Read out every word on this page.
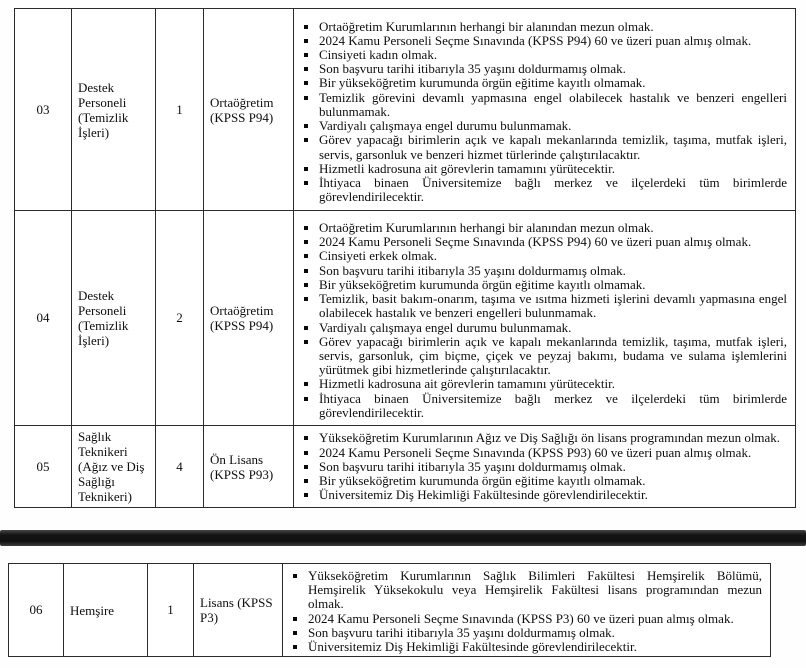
03	Destek Personeli (Temizlik İşleri)	1	Ortaöğretim (KPSS P94)	
Ortaöğretim Kurumlarının herhangi bir alanından mezun olmak.
2024 Kamu Personeli Seçme Sınavında (KPSS P94) 60 ve üzeri puan almış olmak.
Cinsiyeti kadın olmak.
Son başvuru tarihi itibarıyla 35 yaşını doldurmamış olmak.
Bir yükseköğretim kurumunda örgün eğitime kayıtlı olmamak.
Temizlik görevini devamlı yapmasına engel olabilecek hastalık ve benzeri engelleri bulunmamak.
Vardiyalı çalışmaya engel durumu bulunmamak.
Görev yapacağı birimlerin açık ve kapalı mekanlarında temizlik, taşıma, mutfak işleri, servis, garsonluk ve benzeri hizmet türlerinde çalıştırılacaktır.
Hizmetli kadrosuna ait görevlerin tamamını yürütecektir.
İhtiyaca binaen Üniversitemize bağlı merkez ve ilçelerdeki tüm birimlerde görevlendirilecektir.

04	Destek Personeli (Temizlik İşleri)	2	Ortaöğretim (KPSS P94)	
Ortaöğretim Kurumlarının herhangi bir alanından mezun olmak.
2024 Kamu Personeli Seçme Sınavında (KPSS P94) 60 ve üzeri puan almış olmak.
Cinsiyeti erkek olmak.
Son başvuru tarihi itibarıyla 35 yaşını doldurmamış olmak.
Bir yükseköğretim kurumunda örgün eğitime kayıtlı olmamak.
Temizlik, basit bakım-onarım, taşıma ve ısıtma hizmeti işlerini devamlı yapmasına engel olabilecek hastalık ve benzeri engelleri bulunmamak.
Vardiyalı çalışmaya engel durumu bulunmamak.
Görev yapacağı birimlerin açık ve kapalı mekanlarında temizlik, taşıma, mutfak işleri, servis, garsonluk, çim biçme, çiçek ve peyzaj bakımı, budama ve sulama işlemlerini yürütmek gibi hizmetlerinde çalıştırılacaktır.
Hizmetli kadrosuna ait görevlerin tamamını yürütecektir.
İhtiyaca binaen Üniversitemize bağlı merkez ve ilçelerdeki tüm birimlerde görevlendirilecektir.

05	Sağlık Teknikeri (Ağız ve Diş Sağlığı Teknikeri)	4	Ön Lisans (KPSS P93)	
Yükseköğretim Kurumlarının Ağız ve Diş Sağlığı ön lisans programından mezun olmak.
2024 Kamu Personeli Seçme Sınavında (KPSS P93) 60 ve üzeri puan almış olmak.
Son başvuru tarihi itibarıyla 35 yaşını doldurmamış olmak.
Bir yükseköğretim kurumunda örgün eğitime kayıtlı olmamak.
Üniversitemiz Diş Hekimliği Fakültesinde görevlendirilecektir.
06	Hemşire	1	Lisans (KPSS P3)	
Yükseköğretim Kurumlarının Sağlık Bilimleri Fakültesi Hemşirelik Bölümü, Hemşirelik Yüksekokulu veya Hemşirelik Fakültesi lisans programından mezun olmak.
2024 Kamu Personeli Seçme Sınavında (KPSS P3) 60 ve üzeri puan almış olmak.
Son başvuru tarihi itibarıyla 35 yaşını doldurmamış olmak.
Üniversitemiz Diş Hekimliği Fakültesinde görevlendirilecektir.
